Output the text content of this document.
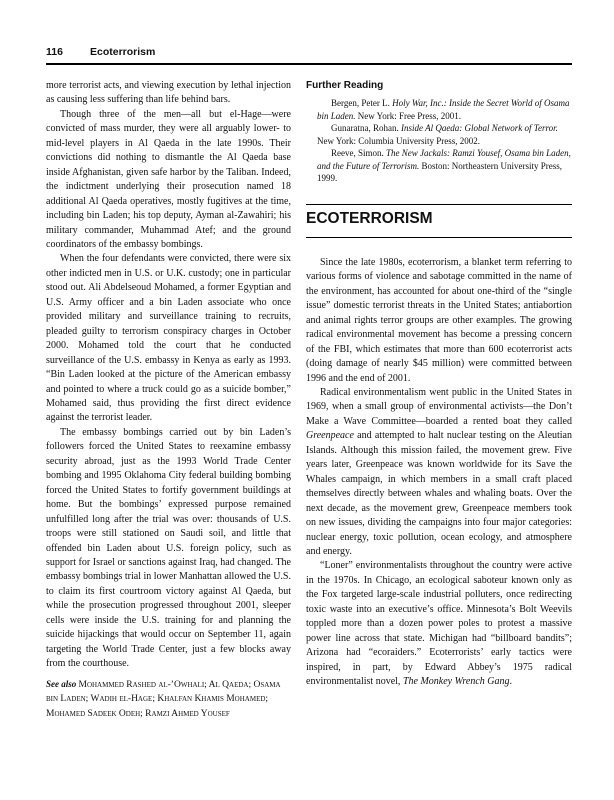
116	Ecoterrorism

more terrorist acts, and viewing execution by lethal injection as causing less suffering than life behind bars.

Though three of the men—all but el-Hage—were convicted of mass murder, they were all arguably lower- to mid-level players in Al Qaeda in the late 1990s. Their convictions did nothing to dismantle the Al Qaeda base inside Afghanistan, given safe harbor by the Taliban. Indeed, the indictment underlying their prosecution named 18 additional Al Qaeda operatives, mostly fugitives at the time, including bin Laden; his top deputy, Ayman al-Zawahiri; his military commander, Muhammad Atef; and the ground coordinators of the embassy bombings.

When the four defendants were convicted, there were six other indicted men in U.S. or U.K. custody; one in particular stood out. Ali Abdelseoud Mohamed, a former Egyptian and U.S. Army officer and a bin Laden associate who once provided military and surveillance training to recruits, pleaded guilty to terrorism conspiracy charges in October 2000. Mohamed told the court that he conducted surveillance of the U.S. embassy in Kenya as early as 1993. “Bin Laden looked at the picture of the American embassy and pointed to where a truck could go as a suicide bomber,” Mohamed said, thus providing the first direct evidence against the terrorist leader.

The embassy bombings carried out by bin Laden’s followers forced the United States to reexamine embassy security abroad, just as the 1993 World Trade Center bombing and 1995 Oklahoma City federal building bombing forced the United States to fortify government buildings at home. But the bombings’ expressed purpose remained unfulfilled long after the trial was over: thousands of U.S. troops were still stationed on Saudi soil, and little that offended bin Laden about U.S. foreign policy, such as support for Israel or sanctions against Iraq, had changed. The embassy bombings trial in lower Manhattan allowed the U.S. to claim its first courtroom victory against Al Qaeda, but while the prosecution progressed throughout 2001, sleeper cells were inside the U.S. training for and planning the suicide hijackings that would occur on September 11, again targeting the World Trade Center, just a few blocks away from the courthouse.

See also Mohammed Rashed al-’Owhali; Al Qaeda; Osama bin Laden; Wadih el-Hage; Khalfan Khamis Mohamed; Mohamed Sadeek Odeh; Ramzi Ahmed Yousef
Further Reading

Bergen, Peter L. Holy War, Inc.: Inside the Secret World of Osama bin Laden. New York: Free Press, 2001.

Gunaratna, Rohan. Inside Al Qaeda: Global Network of Terror. New York: Columbia University Press, 2002.

Reeve, Simon. The New Jackals: Ramzi Yousef, Osama bin Laden, and the Future of Terrorism. Boston: Northeastern University Press, 1999.

ECOTERRORISM

Since the late 1980s, ecoterrorism, a blanket term referring to various forms of violence and sabotage committed in the name of the environment, has accounted for about one-third of the “single issue” domestic terrorist threats in the United States; antiabortion and animal rights terror groups are other examples. The growing radical environmental movement has become a pressing concern of the FBI, which estimates that more than 600 ecoterrorist acts (doing damage of nearly $45 million) were committed between 1996 and the end of 2001.

Radical environmentalism went public in the United States in 1969, when a small group of environmental activists—the Don’t Make a Wave Committee—boarded a rented boat they called Greenpeace and attempted to halt nuclear testing on the Aleutian Islands. Although this mission failed, the movement grew. Five years later, Greenpeace was known worldwide for its Save the Whales campaign, in which members in a small craft placed themselves directly between whales and whaling boats. Over the next decade, as the movement grew, Greenpeace members took on new issues, dividing the campaigns into four major categories: nuclear energy, toxic pollution, ocean ecology, and atmosphere and energy.

“Loner” environmentalists throughout the country were active in the 1970s. In Chicago, an ecological saboteur known only as the Fox targeted large-scale industrial polluters, once redirecting toxic waste into an executive’s office. Minnesota’s Bolt Weevils toppled more than a dozen power poles to protest a massive power line across that state. Michigan had “billboard bandits”; Arizona had “ecoraiders.” Ecoterrorists’ early tactics were inspired, in part, by Edward Abbey’s 1975 radical environmentalist novel, The Monkey Wrench Gang.
